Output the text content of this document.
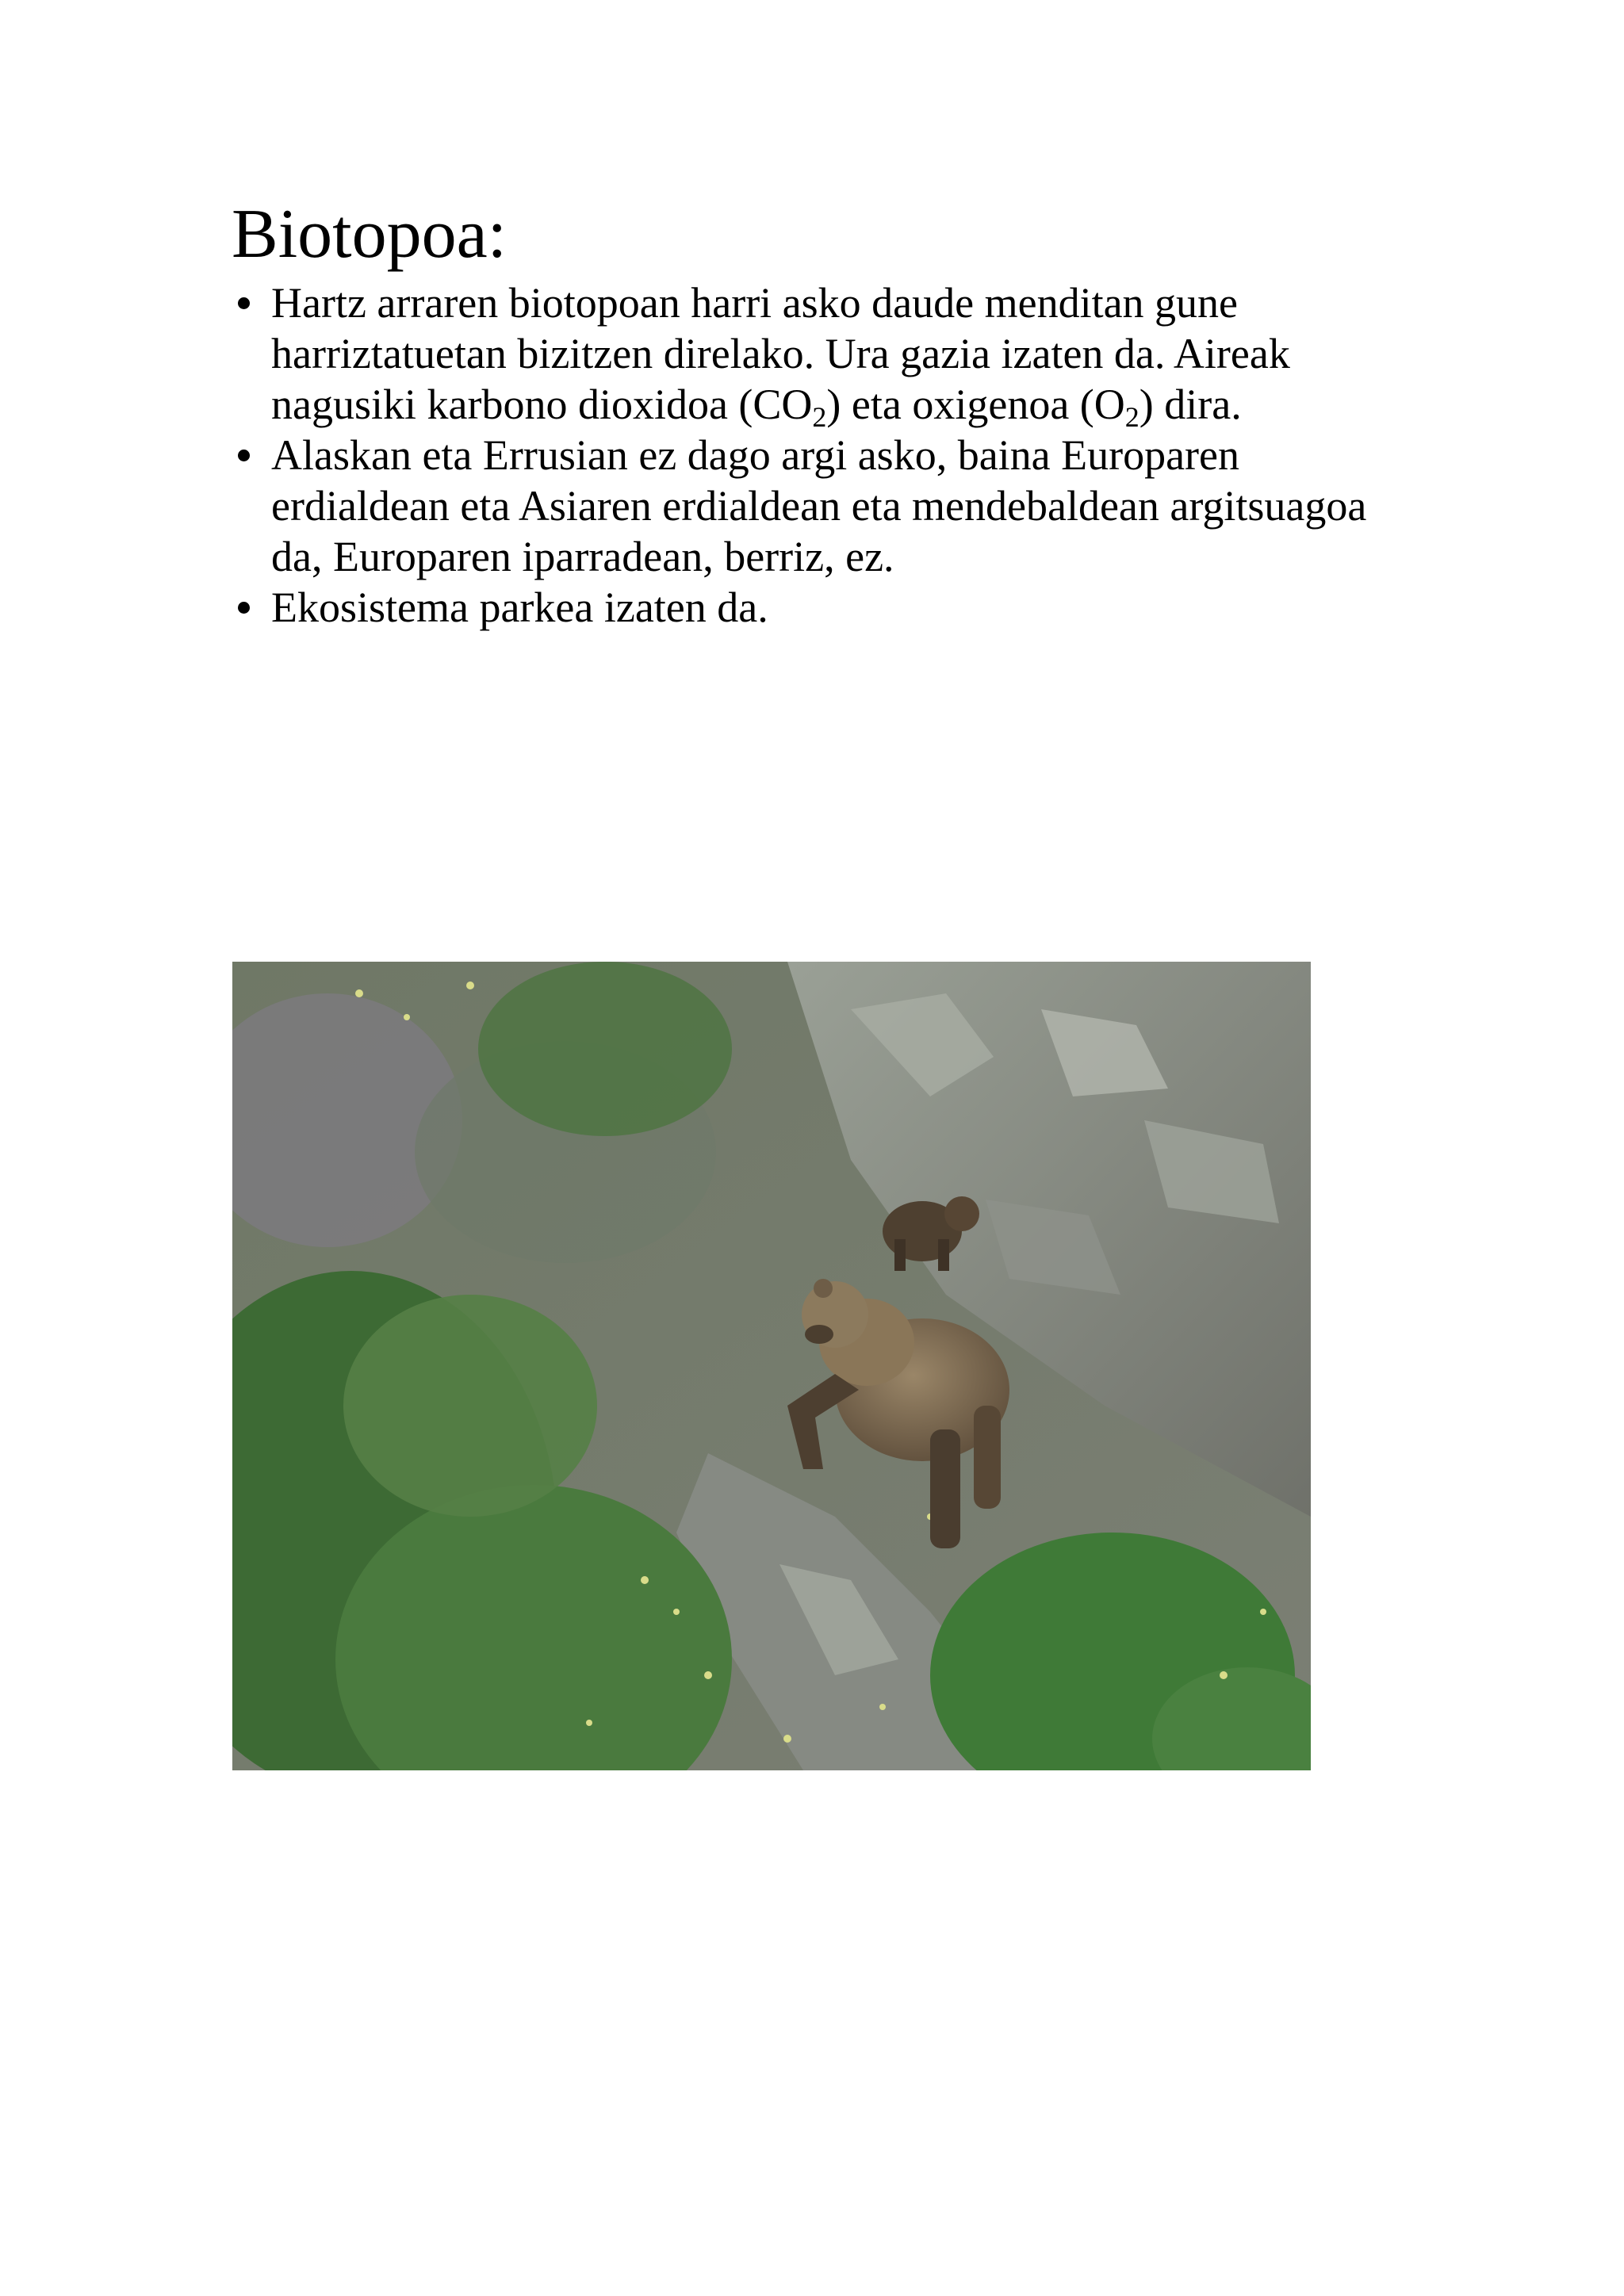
Biotopoa:
Hartz arraren biotopoan harri asko daude menditan gune
harriztatuetan bizitzen direlako. Ura gazia izaten da. Aireak
nagusiki karbono dioxidoa $(CO_2)$ eta oxigenoa $(O_2)$ dira.
Alaskan eta Errusian ez dago argi asko, baina Europaren
erdialdean eta Asiaren erdialdean eta mendebaldean argitsuagoa
da, Europaren iparradean, berriz, ez.
Ekosistema parkea izaten da.
